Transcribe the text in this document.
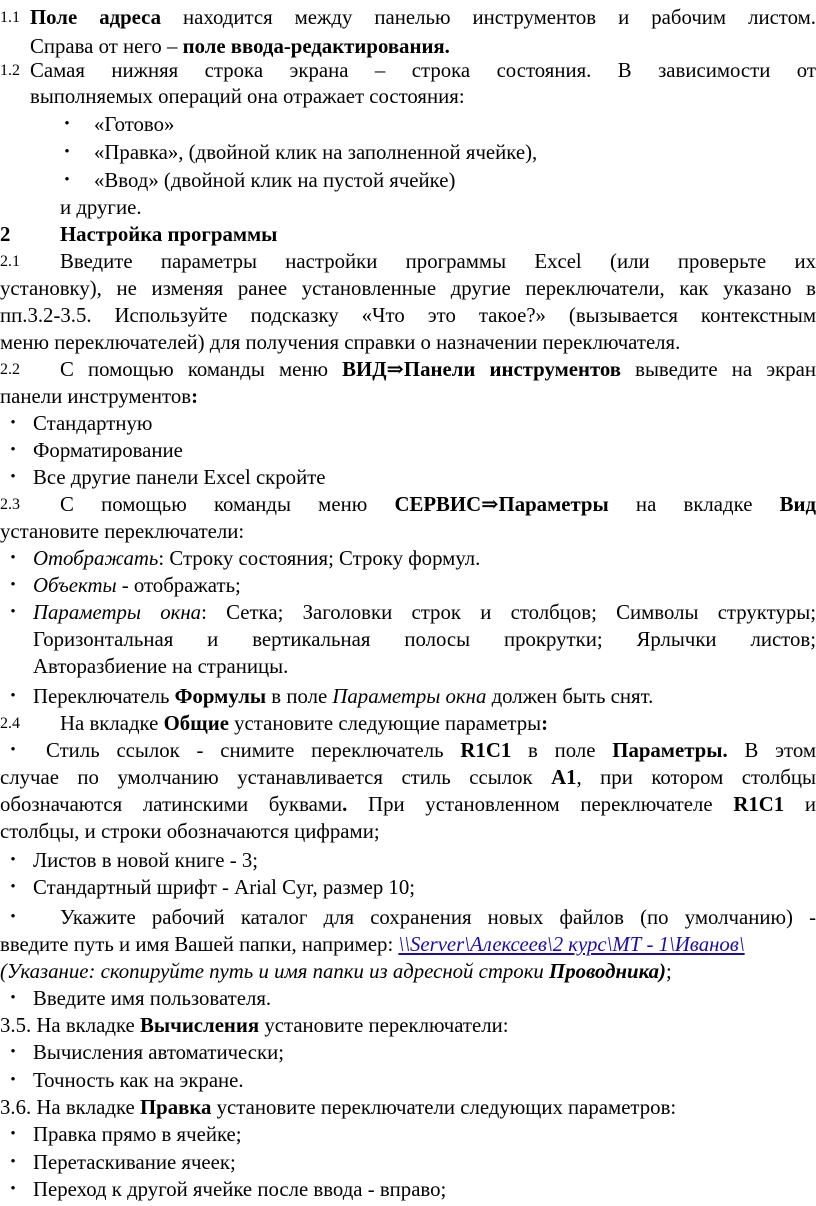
1.1 Поле адреса находится между панелью инструментов и рабочим листом.
Справа от него – поле ввода-редактирования.
1.2 Самая нижняя строка экрана – строка состояния. В зависимости от
выполняемых операций она отражает состояния:
•	«Готово»
•	«Правка», (двойной клик на заполненной ячейке),
•	«Ввод» (двойной клик на пустой ячейке)
и другие.
2 Настройка программы
2.1 Введите параметры настройки программы Excel (или проверьте их
установку), не изменяя ранее установленные другие переключатели, как указано в
пп.3.2-3.5. Используйте подсказку «Что это такое?» (вызывается контекстным
меню переключателей) для получения справки о назначении переключателя.
2.2 С помощью команды меню ВИД⇒Панели инструментов выведите на экран
панели инструментов:
• Стандартную
• Форматирование
• Все другие панели Excel скройте
2.3 С помощью команды меню СЕРВИС⇒Параметры на вкладке Вид
установите переключатели:
• Отображать: Строку состояния; Строку формул.
• Объекты - отображать;
• Параметры окна: Сетка; Заголовки строк и столбцов; Символы структуры;
Горизонтальная и вертикальная полосы прокрутки; Ярлычки листов;
Авторазбиение на страницы.
• Переключатель Формулы в поле Параметры окна должен быть снят.
2.4 На вкладке Общие установите следующие параметры:
•	Стиль ссылок - снимите переключатель R1C1 в поле Параметры. В этом
случае по умолчанию устанавливается стиль ссылок A1, при котором столбцы
обозначаются латинскими буквами. При установленном переключателе R1C1 и
столбцы, и строки обозначаются цифрами;
• Листов в новой книге - 3;
• Стандартный шрифт - Arial Cyr, размер 10;
•	Укажите рабочий каталог для сохранения новых файлов (по умолчанию) -
введите путь и имя Вашей папки, например: \\Server\Алексеев\2 курс\МТ - 1\Иванов\
(Указание: скопируйте путь и имя папки из адресной строки Проводника);
• Введите имя пользователя.
3.5. На вкладке Вычисления установите переключатели:
• Вычисления автоматически;
• Точность как на экране.
3.6. На вкладке Правка установите переключатели следующих параметров:
• Правка прямо в ячейке;
• Перетаскивание ячеек;
• Переход к другой ячейке после ввода - вправо;
